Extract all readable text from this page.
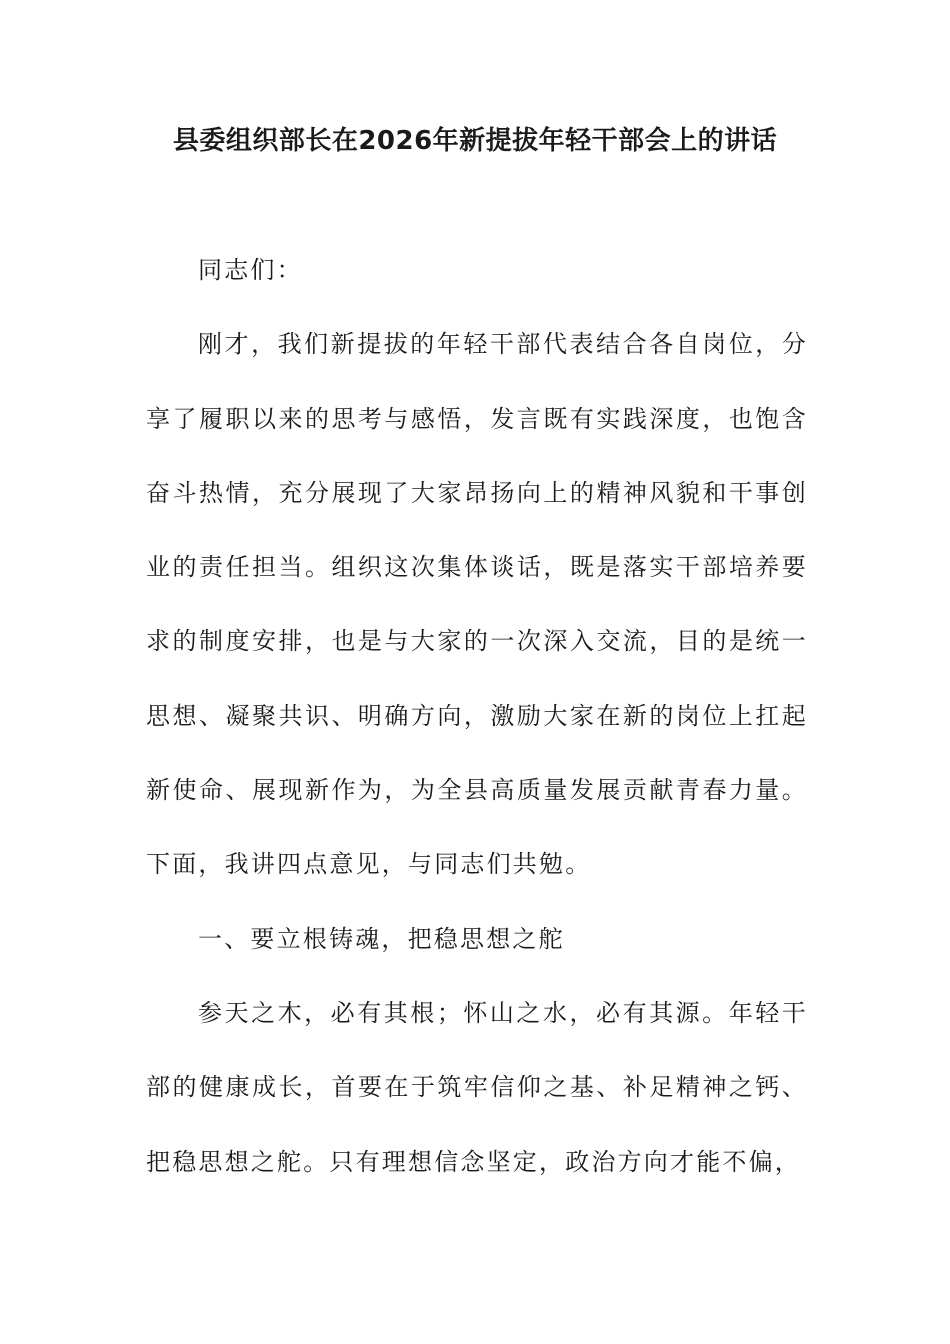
县委组织部长在2026年新提拔年轻干部会上的讲话

同志们：

刚才，我们新提拔的年轻干部代表结合各自岗位，分享了履职以来的思考与感悟，发言既有实践深度，也饱含奋斗热情，充分展现了大家昂扬向上的精神风貌和干事创业的责任担当。组织这次集体谈话，既是落实干部培养要求的制度安排，也是与大家的一次深入交流，目的是统一思想、凝聚共识、明确方向，激励大家在新的岗位上扛起新使命、展现新作为，为全县高质量发展贡献青春力量。下面，我讲四点意见，与同志们共勉。

一、要立根铸魂，把稳思想之舵

参天之木，必有其根；怀山之水，必有其源。年轻干部的健康成长，首要在于筑牢信仰之基、补足精神之钙、把稳思想之舵。只有理想信念坚定，政治方向才能不偏，
